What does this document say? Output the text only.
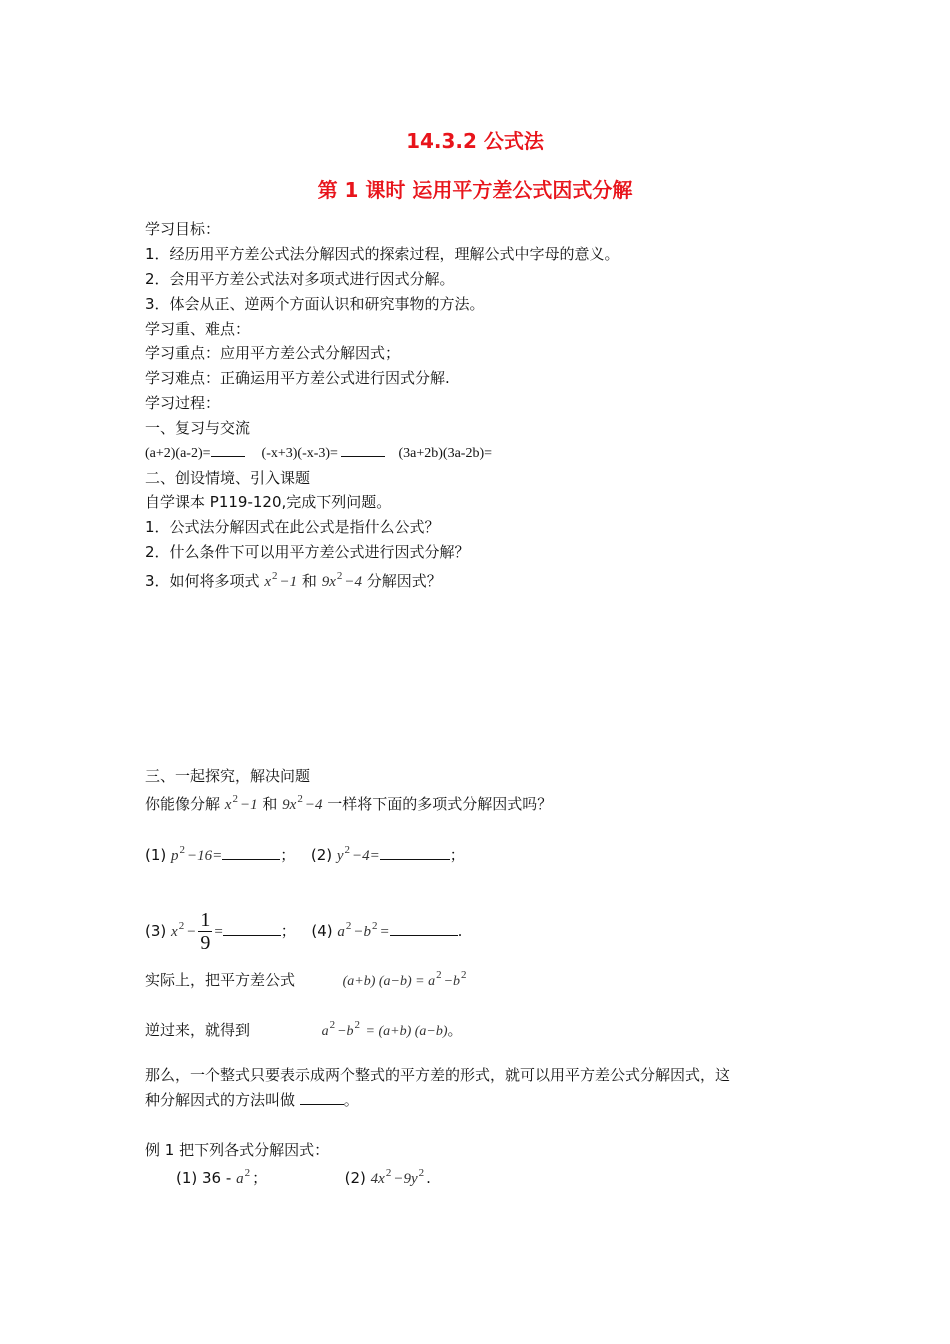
14.3.2 公式法
第 1 课时 运用平方差公式因式分解
学习目标：
1．经历用平方差公式法分解因式的探索过程，理解公式中字母的意义。
2．会用平方差公式法对多项式进行因式分解。
3．体会从正、逆两个方面认识和研究事物的方法。
学习重、难点：
学习重点：应用平方差公式分解因式；
学习难点：正确运用平方差公式进行因式分解.
学习过程：
一、复习与交流
(a+2)(a-2)=	(-x+3)(-x-3)=	(3a+2b)(3a-2b)=
二、创设情境、引入课题
自学课本 P119-120,完成下列问题。
1．公式法分解因式在此公式是指什么公式？
2．什么条件下可以用平方差公式进行因式分解？
3．如何将多项式 $x^2 -1$ 和 $9x^2 -4$ 分解因式？
三、一起探究，解决问题
你能像分解 $x^2 -1$ 和 $9x^2 -4$ 一样将下面的多项式分解因式吗？
(1) $p^2 -16=$	；  (2) $y^2 -4=$	；
(3) $x^2 - \frac{1}{9}$ =	；  (4) $a^2 -b^2$ =	.
实际上，把平方差公式	(a+b) $(a-b) = a^2 -b^2$
逆过来，就得到	$a^2 -b^2 = (a+b)$ (a−b)。
那么，一个整式只要表示成两个整式的平方差的形式，就可以用平方差公式分解因式，这
种分解因式的方法叫做	。
例 1 把下列各式分解因式：
(1) $36 - a^2$ ；	(2) $4x^2 -9y^2$ .
